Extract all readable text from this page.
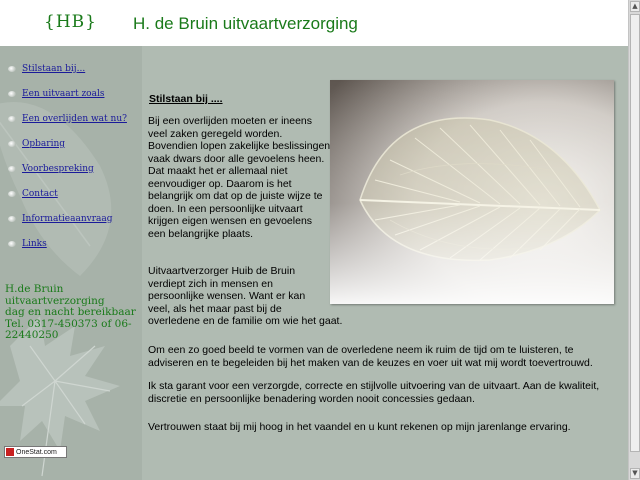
{HB} H. de Bruin uitvaartverzorging
Stilstaan bij...
Een uitvaart zoals
Een overlijden wat nu?
Opbaring
Voorbespreking
Contact
Informatieaanvraag
Links
H.de Bruin
uitvaartverzorging
dag en nacht bereikbaar
Tel. 0317-450373 of 06-
22440250
OneStat.com
Stilstaan bij ....
Bij een overlijden moeten er ineens
veel zaken geregeld worden.
Bovendien lopen zakelijke beslissingen
vaak dwars door alle gevoelens heen.
Dat maakt het er allemaal niet
eenvoudiger op. Daarom is het
belangrijk om dat op de juiste wijze te
doen. In een persoonlijke uitvaart
krijgen eigen wensen en gevoelens
een belangrijke plaats.
Uitvaartverzorger Huib de Bruin
verdiept zich in mensen en
persoonlijke wensen. Want er kan
veel, als het maar past bij de
overledene en de familie om wie het gaat.
Om een zo goed beeld te vormen van de overledene neem ik ruim de tijd om te luisteren, te
adviseren en te begeleiden bij het maken van de keuzes en voer uit wat mij wordt toevertrouwd.
Ik sta garant voor een verzorgde, correcte en stijlvolle uitvoering van de uitvaart. Aan de kwaliteit,
discretie en persoonlijke benadering worden nooit concessies gedaan.
Vertrouwen staat bij mij hoog in het vaandel en u kunt rekenen op mijn jarenlange ervaring.
▲
▼
